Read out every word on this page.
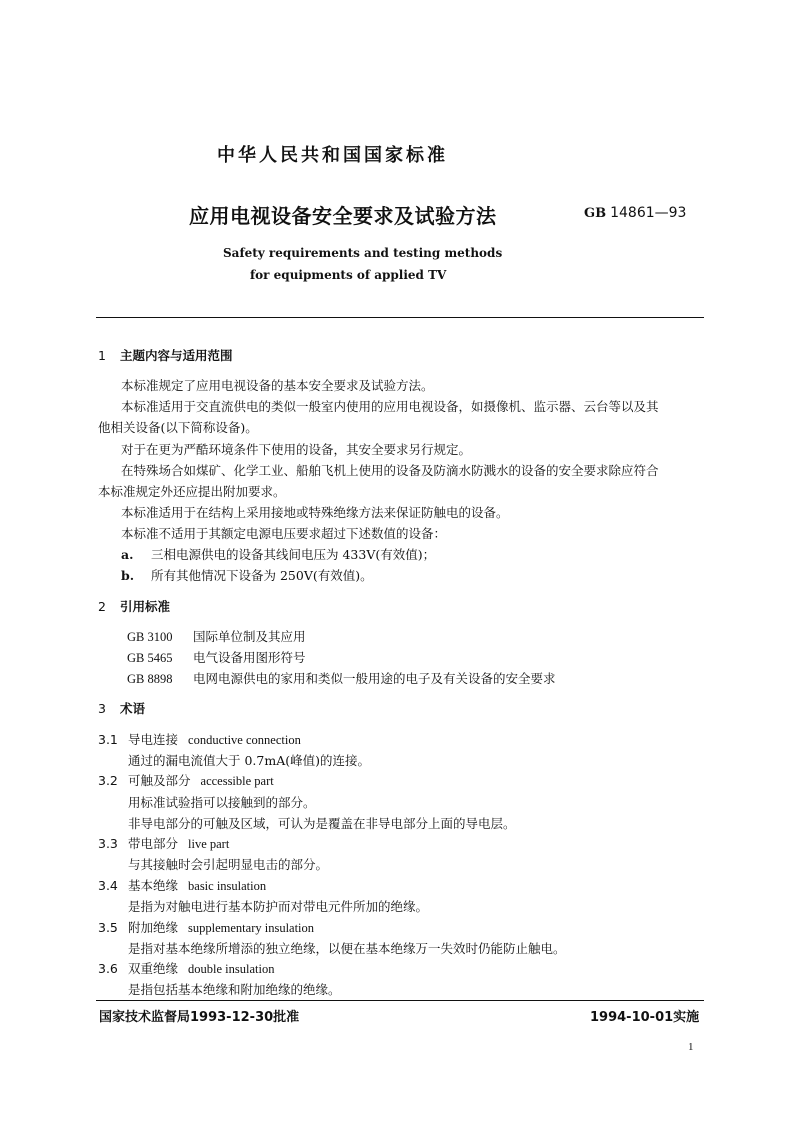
中华人民共和国国家标准
应用电视设备安全要求及试验方法	GB 14861—93
Safety requirements and testing methods
for equipments of applied TV
1 主题内容与适用范围
本标准规定了应用电视设备的基本安全要求及试验方法。
本标准适用于交直流供电的类似一般室内使用的应用电视设备，如摄像机、监示器、云台等以及其
他相关设备(以下简称设备)。
对于在更为严酷环境条件下使用的设备，其安全要求另行规定。
在特殊场合如煤矿、化学工业、船舶飞机上使用的设备及防滴水防溅水的设备的安全要求除应符合
本标准规定外还应提出附加要求。
本标准适用于在结构上采用接地或特殊绝缘方法来保证防触电的设备。
本标准不适用于其额定电源电压要求超过下述数值的设备：
a. 三相电源供电的设备其线间电压为 433V(有效值)；
b. 所有其他情况下设备为 250V(有效值)。
2 引用标准
GB 3100 国际单位制及其应用
GB 5465 电气设备用图形符号
GB 8898 电网电源供电的家用和类似一般用途的电子及有关设备的安全要求
3 术语
3.1 导电连接 conductive connection
通过的漏电流值大于 0.7mA(峰值)的连接。
3.2 可触及部分 accessible part
用标准试验指可以接触到的部分。
非导电部分的可触及区域，可认为是覆盖在非导电部分上面的导电层。
3.3 带电部分 live part
与其接触时会引起明显电击的部分。
3.4 基本绝缘 basic insulation
是指为对触电进行基本防护而对带电元件所加的绝缘。
3.5 附加绝缘 supplementary insulation
是指对基本绝缘所增添的独立绝缘，以便在基本绝缘万一失效时仍能防止触电。
3.6 双重绝缘 double insulation
是指包括基本绝缘和附加绝缘的绝缘。
国家技术监督局1993-12-30批准	1994-10-01实施
1
